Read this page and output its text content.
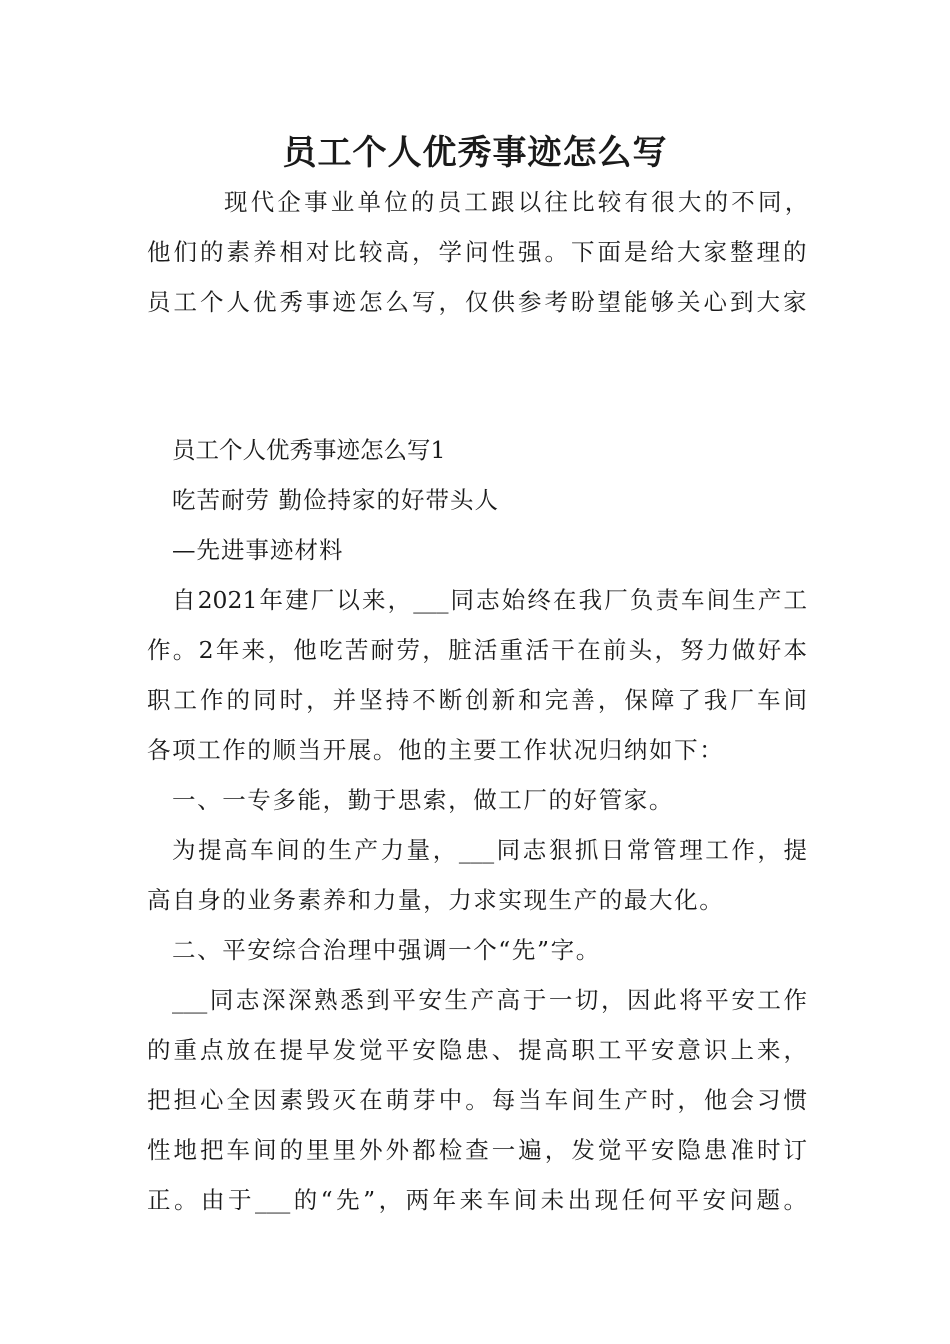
员工个人优秀事迹怎么写
现代企事业单位的员工跟以往比较有很大的不同，
他们的素养相对比较高，学问性强。下面是给大家整理的
员工个人优秀事迹怎么写，仅供参考盼望能够关心到大家
员工个人优秀事迹怎么写1
吃苦耐劳 勤俭持家的好带头人
—先进事迹材料
自2021年建厂以来，___同志始终在我厂负责车间生产工
作。2年来，他吃苦耐劳，脏活重活干在前头，努力做好本
职工作的同时，并坚持不断创新和完善，保障了我厂车间
各项工作的顺当开展。他的主要工作状况归纳如下：
一、一专多能，勤于思索，做工厂的好管家。
为提高车间的生产力量，___同志狠抓日常管理工作，提
高自身的业务素养和力量，力求实现生产的最大化。
二、平安综合治理中强调一个“先”字。
___同志深深熟悉到平安生产高于一切，因此将平安工作
的重点放在提早发觉平安隐患、提高职工平安意识上来，
把担心全因素毁灭在萌芽中。每当车间生产时，他会习惯
性地把车间的里里外外都检查一遍，发觉平安隐患准时订
正。由于___的“先”，两年来车间未出现任何平安问题。
